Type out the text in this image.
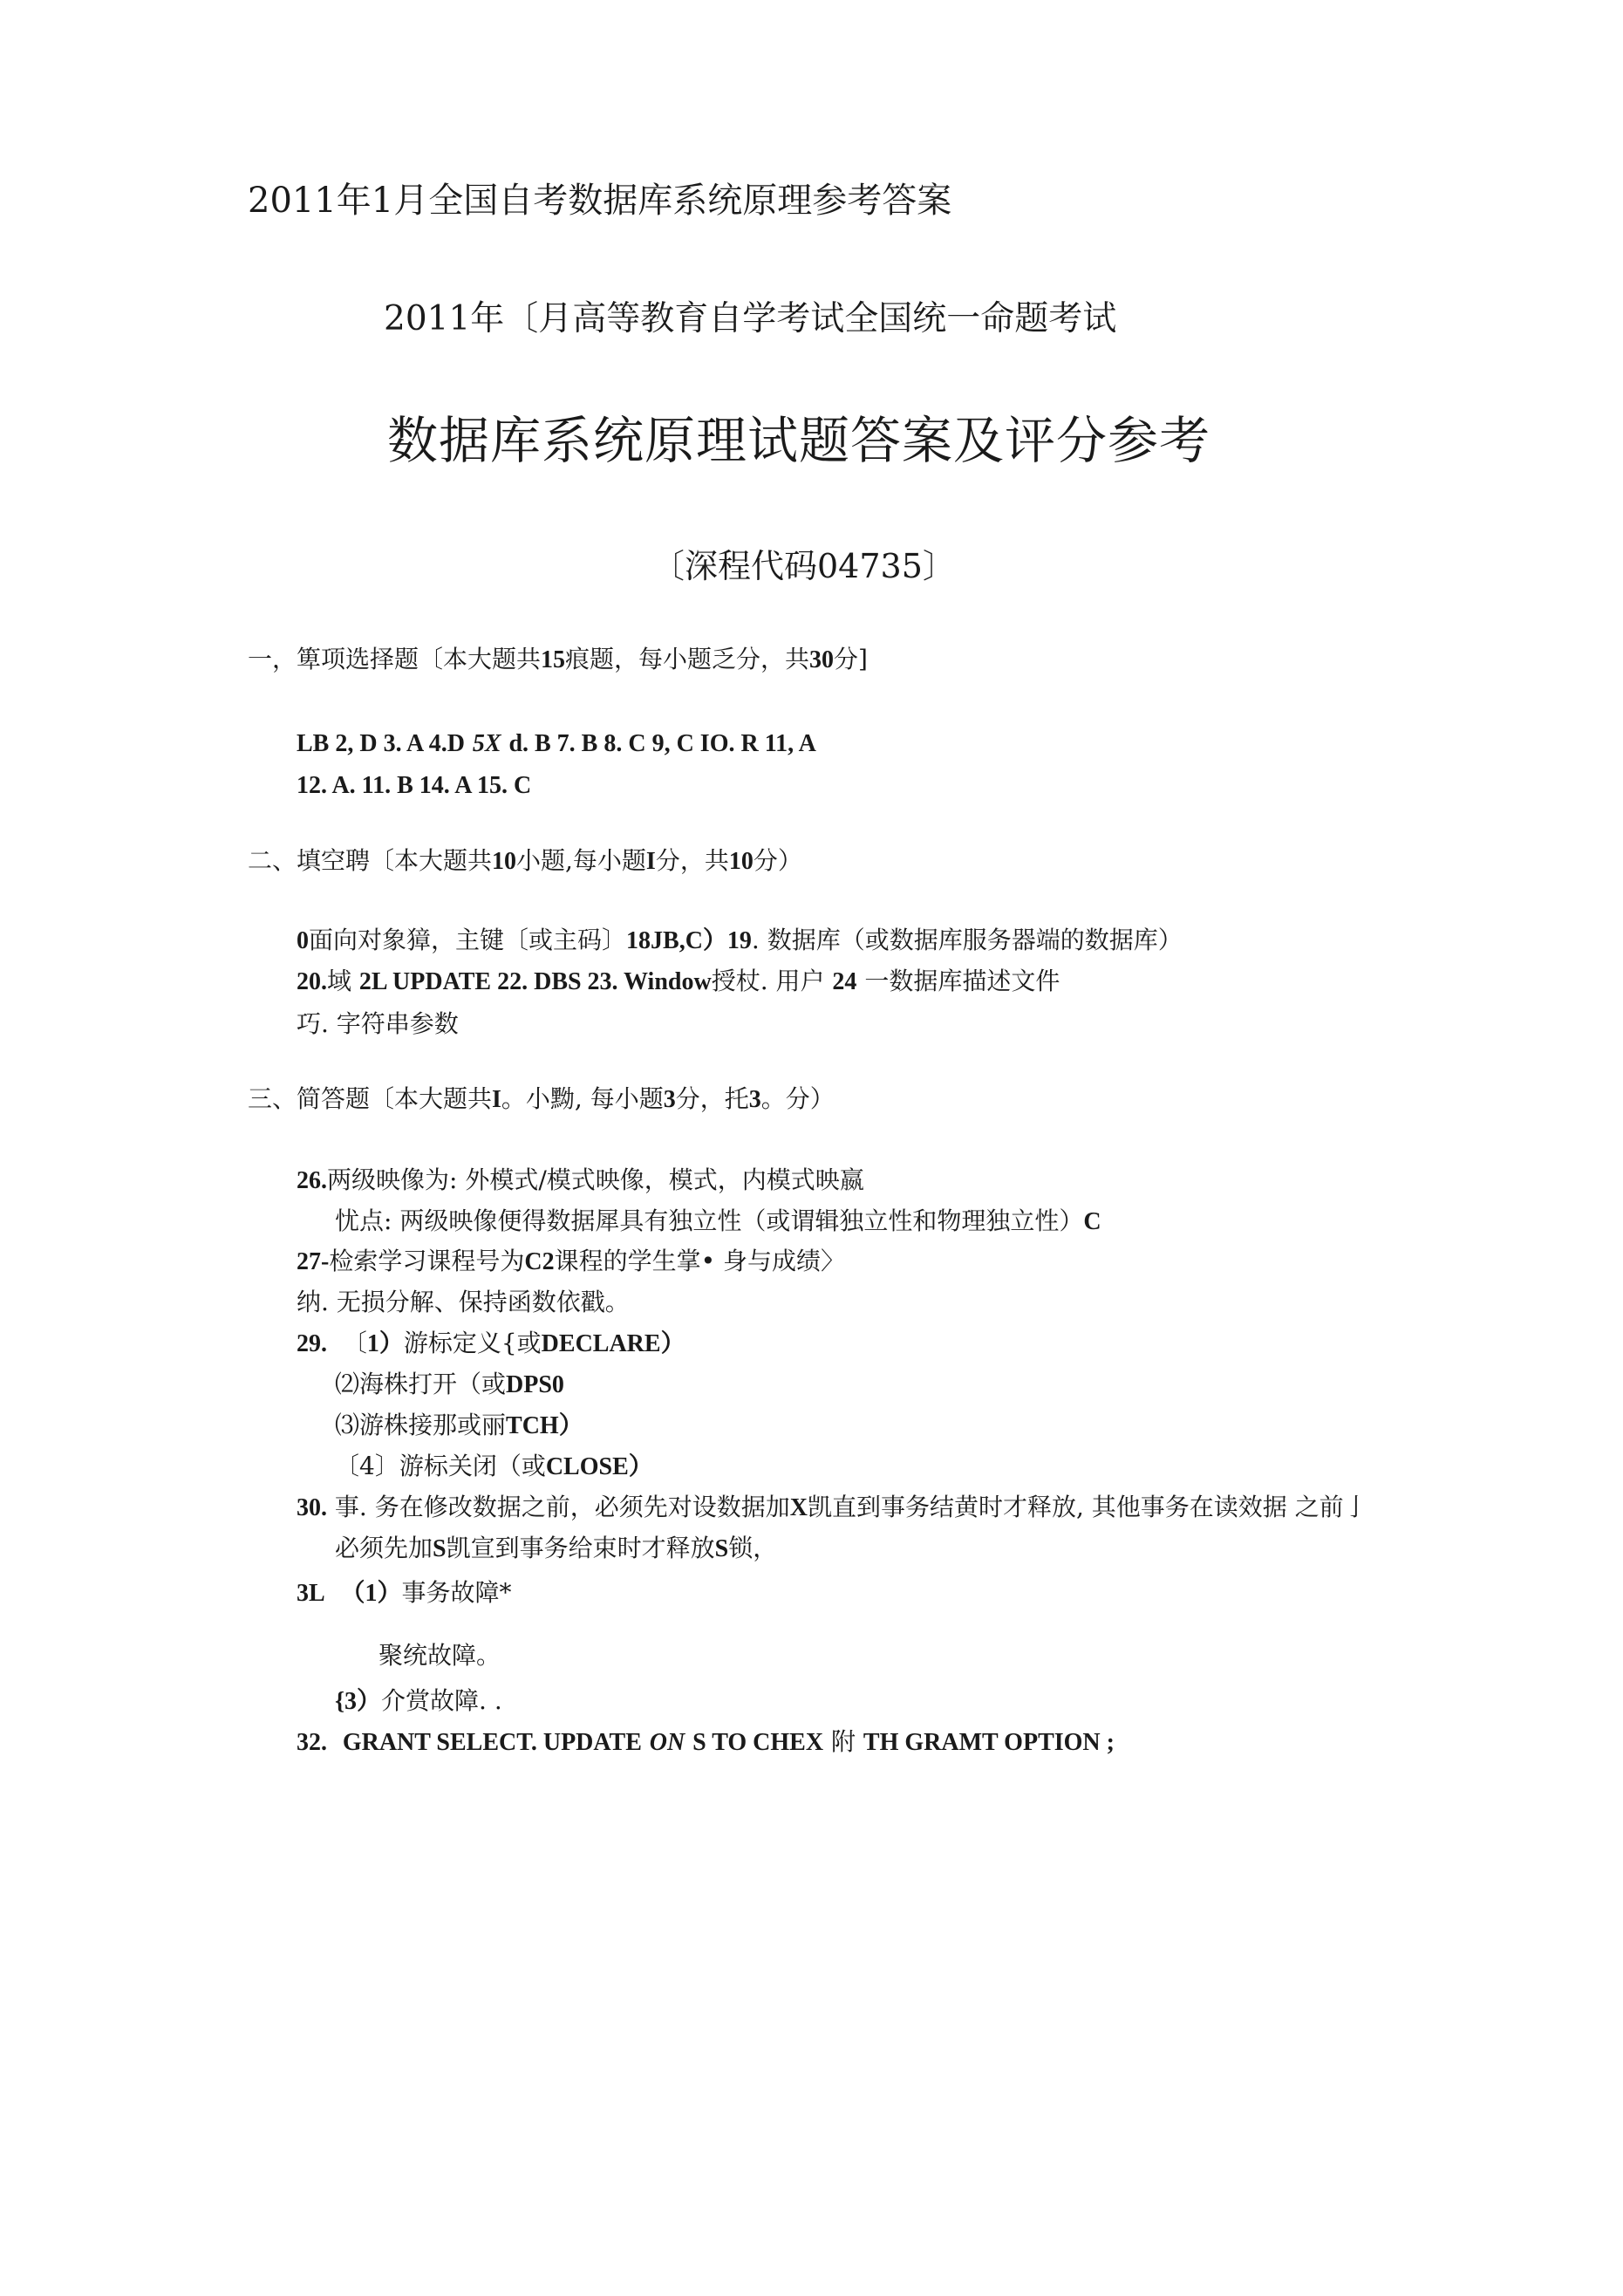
2011年1月全国自考数据库系统原理参考答案
2011年〔月高等教育自学考试全国统一命题考试
数据库系统原理试题答案及评分参考
〔深程代码04735〕
一，箄项选择题〔本大题共15痕题，每小题乏分，共30分]
LB 2, D 3. A 4.D 5X d. B 7. B 8. C 9, C IO. R 11, A
12. A. 11. B 14. A 15. C
二、填空聘〔本大题共10小题,每小题I分，共10分）
0面向对象獐，主键〔或主码〕18JB,C）19. 数据库（或数据库服务器端的数据库）
20.域 2L UPDATE 22. DBS 23. Window授杖. 用户 24 一数据库描述文件
巧. 字符串参数
三、简答题〔本大题共I。小黝, 每小题3分，托3。分）
26.两级映像为: 外模式/模式映像，模式，内模式映嬴
忧点: 两级映像便得数据犀具有独立性（或谓辑独立性和物理独立性）C
27-检索学习课程号为C2课程的学生掌• 身与成绩〉
纳. 无损分解、保持函数依戳。
29. 〔1）游标定义{或DECLARE）
⑵海株打开（或DPS0
⑶游株接那或丽TCH）
〔4〕游标关闭（或CLOSE）
30. 事. 务在修改数据之前，必须先对设数据加X凯直到事务结黄时才释放, 其他事务在读效据 之前亅
必须先加S凯宣到事务给束时才释放S锁，
3L （1）事务故障*
聚统故障。
{3）介赏故障. .
32. GRANT SELECT. UPDATE ON S TO CHEX 附 TH GRAMT OPTION ;
